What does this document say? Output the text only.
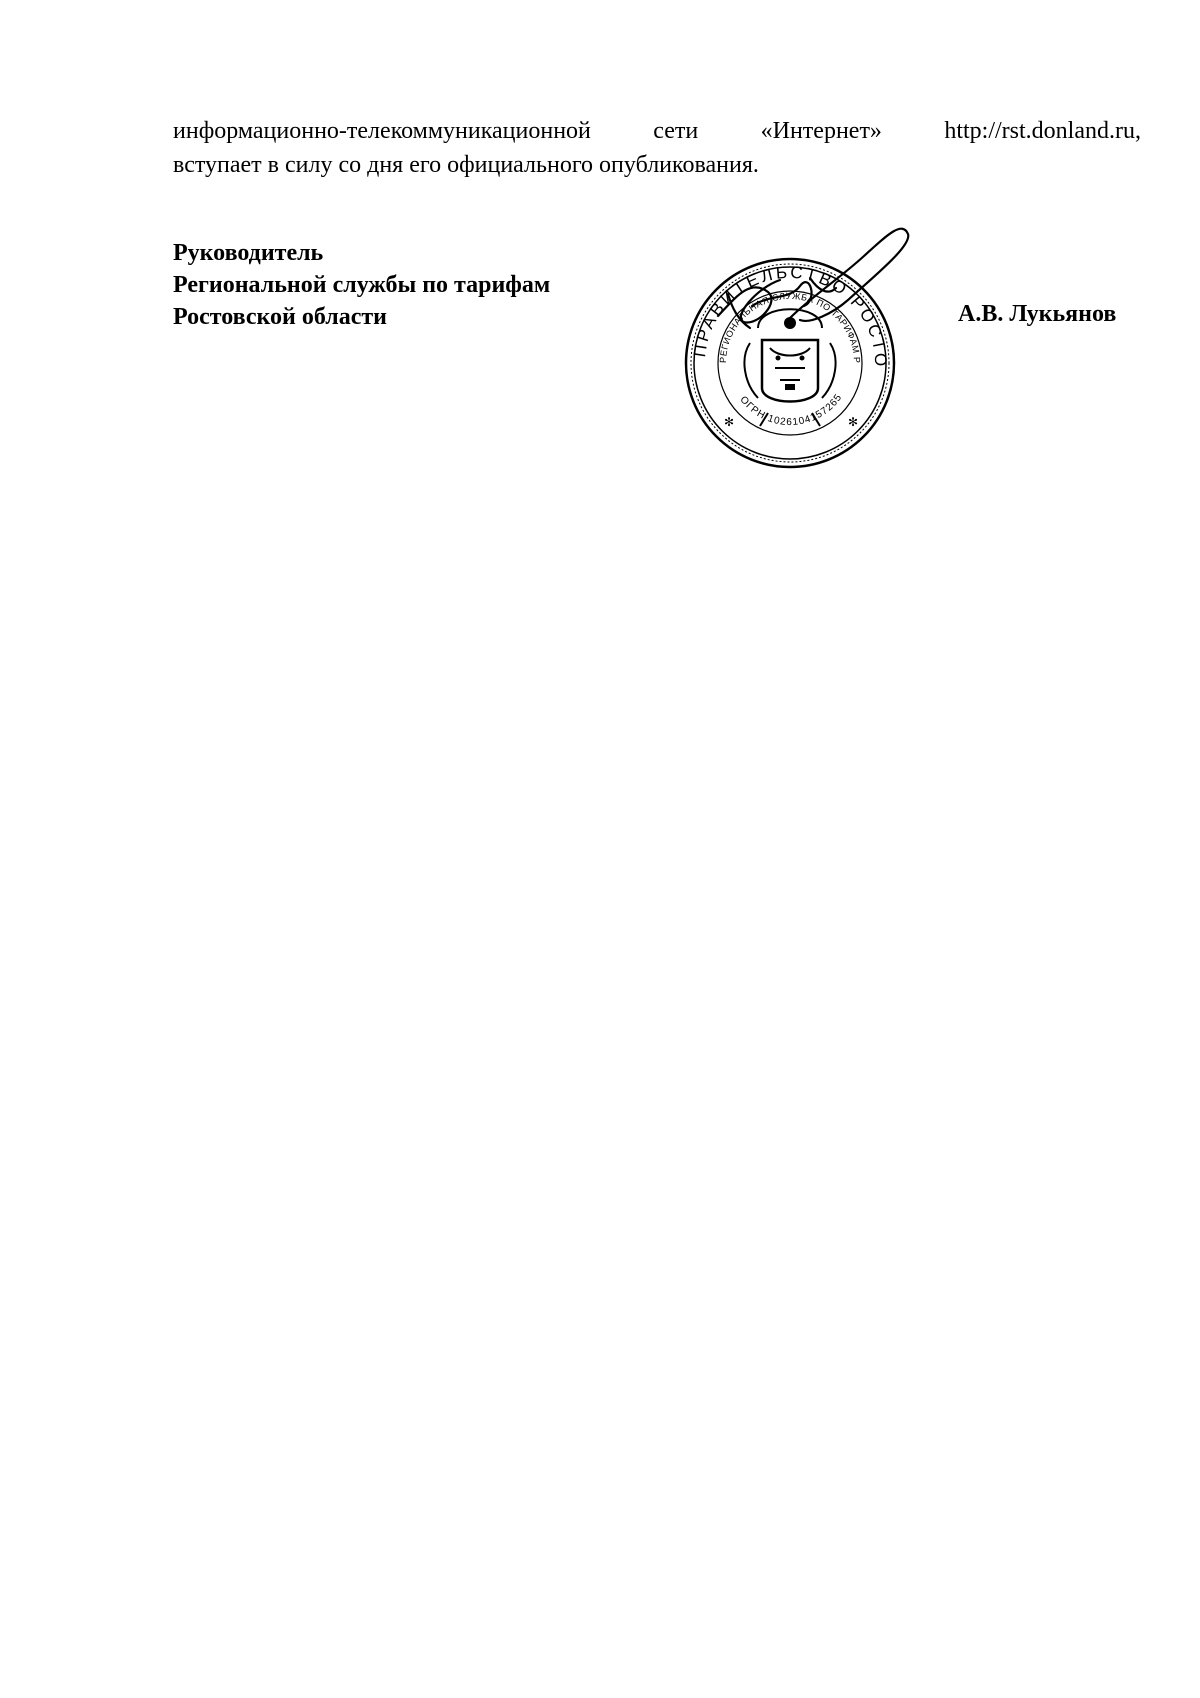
информационно-телекоммуникационной сети «Интернет» http://rst.donland.ru,
вступает в силу со дня его официального опубликования.
Руководитель
Региональной службы по тарифам
Ростовской области
ПРАВИТЕЛЬСТВО РОСТО
РЕГИОНАЛЬНАЯ СЛУЖБА ПО ТАРИФАМ Р
ОГРН 1026104157265
✻	✻
А.В. Лукьянов
